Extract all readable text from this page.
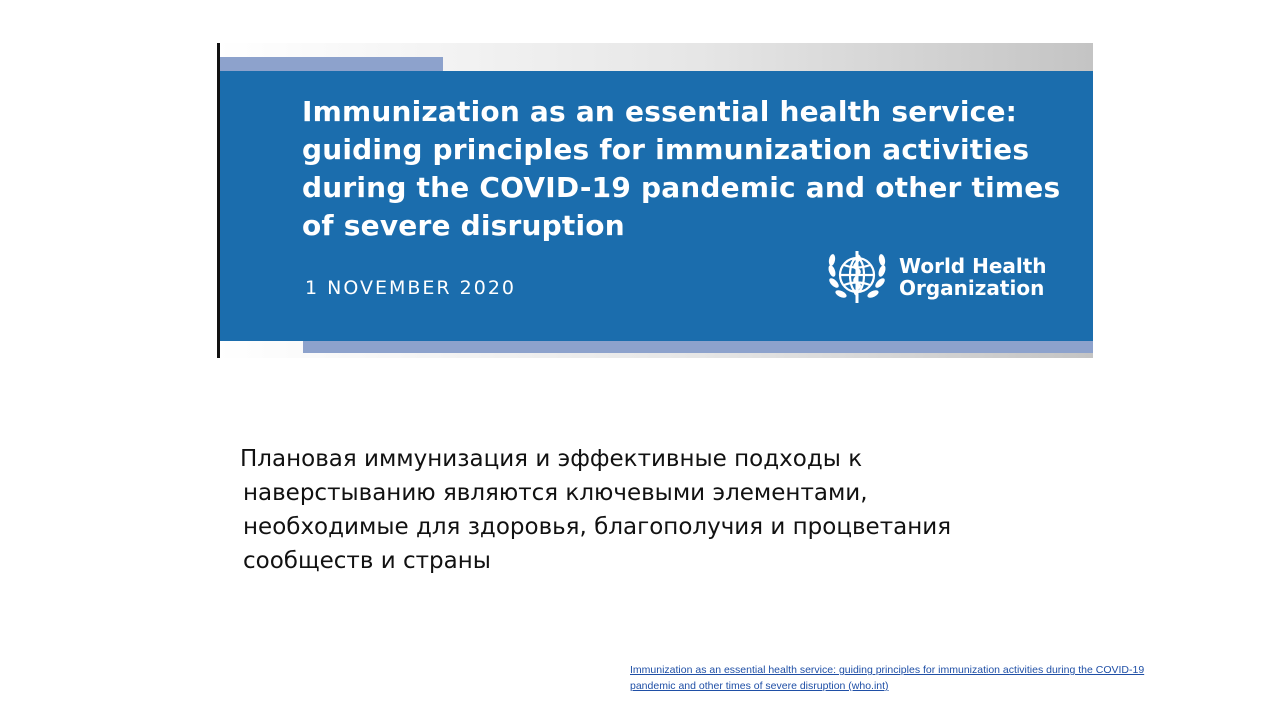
Immunization as an essential health service:
guiding principles for immunization activities
during the COVID-19 pandemic and other times
of severe disruption
1 NOVEMBER 2020
World Health
Organization
Плановая иммунизация и эффективные подходы к
наверстыванию являются ключевыми элементами,
необходимые для здоровья, благополучия и процветания
сообществ и страны
Immunization as an essential health service: guiding principles for immunization activities during the COVID-19
pandemic and other times of severe disruption (who.int)
